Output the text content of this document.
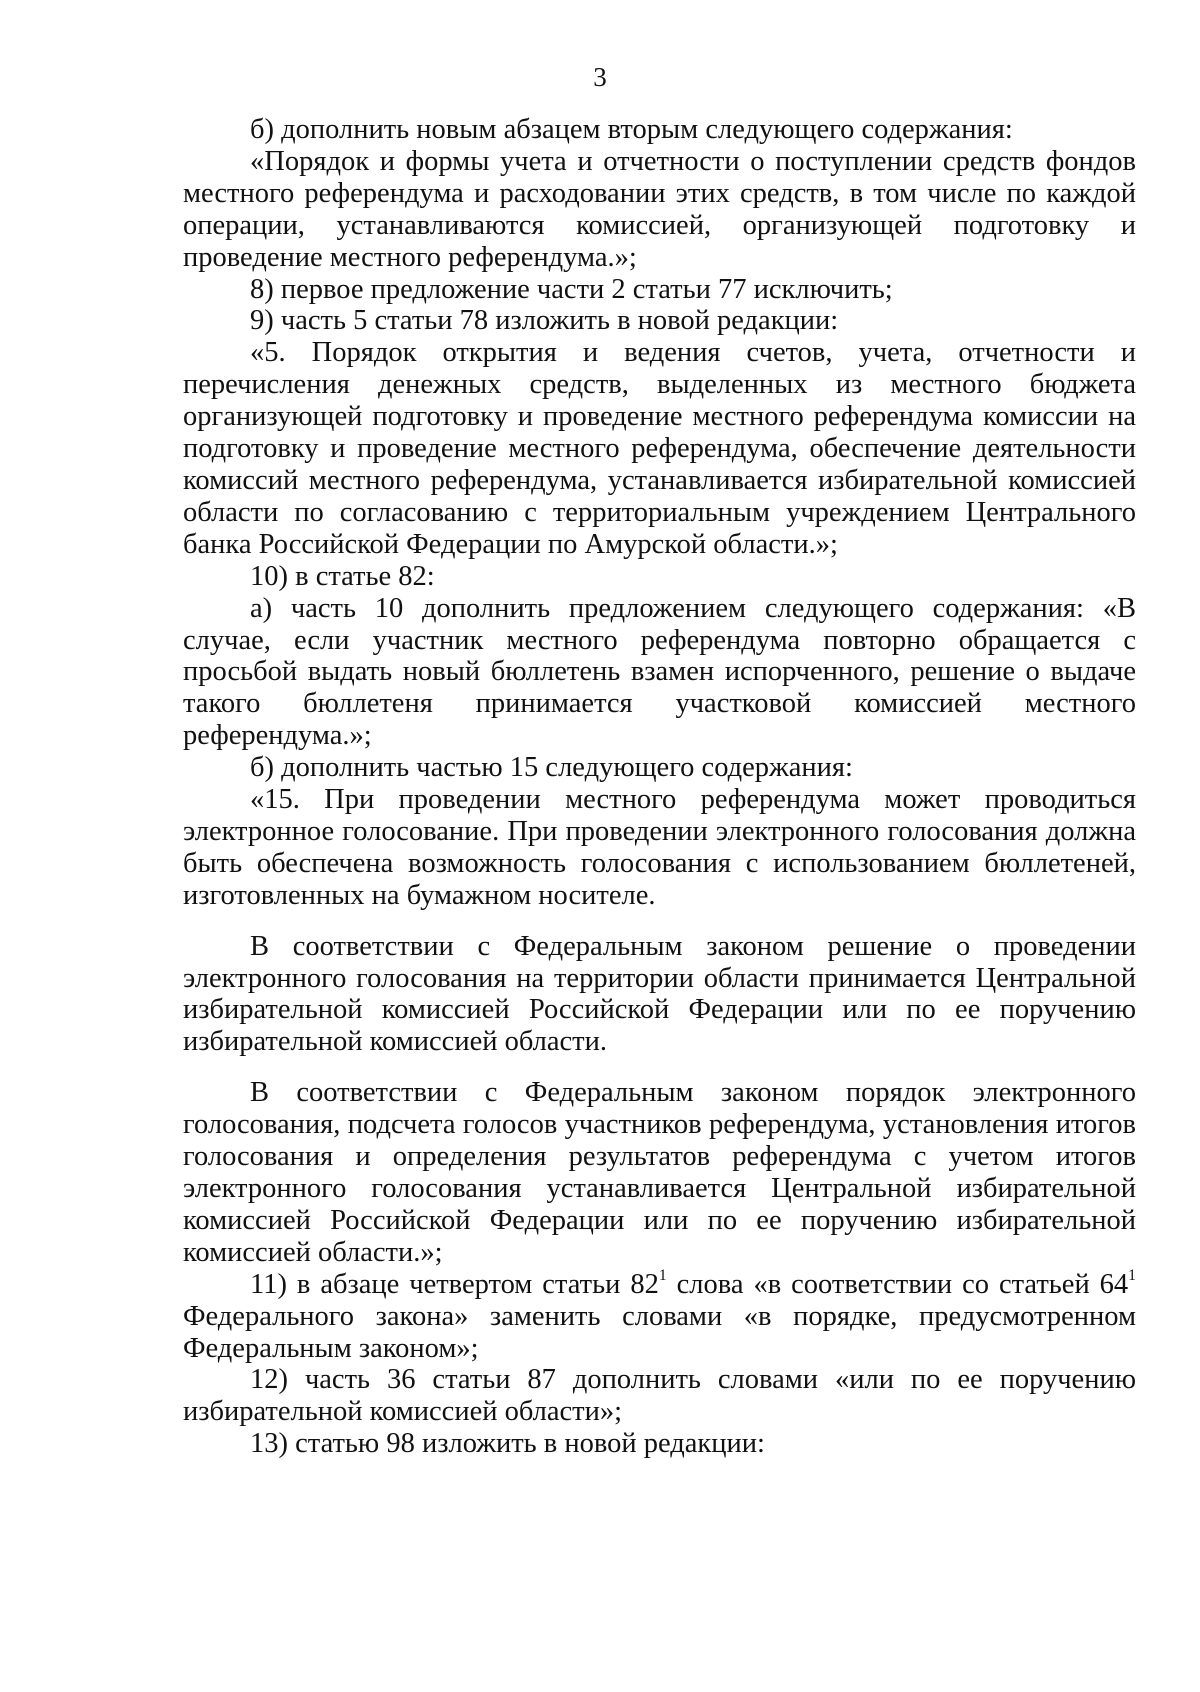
3

б) дополнить новым абзацем вторым следующего содержания:

«Порядок и формы учета и отчетности о поступлении средств фондов местного референдума и расходовании этих средств, в том числе по каждой операции, устанавливаются комиссией, организующей подготовку и проведение местного референдума.»;

8) первое предложение части 2 статьи 77 исключить;

9) часть 5 статьи 78 изложить в новой редакции:

«5. Порядок открытия и ведения счетов, учета, отчетности и перечисления денежных средств, выделенных из местного бюджета организующей подготовку и проведение местного референдума комиссии на подготовку и проведение местного референдума, обеспечение деятельности комиссий местного референдума, устанавливается избирательной комиссией области по согласованию с территориальным учреждением Центрального банка Российской Федерации по Амурской области.»;

10) в статье 82:

а) часть 10 дополнить предложением следующего содержания: «В случае, если участник местного референдума повторно обращается с просьбой выдать новый бюллетень взамен испорченного, решение о выдаче такого бюллетеня принимается участковой комиссией местного референдума.»;

б) дополнить частью 15 следующего содержания:

«15. При проведении местного референдума может проводиться электронное голосование. При проведении электронного голосования должна быть обеспечена возможность голосования с использованием бюллетеней, изготовленных на бумажном носителе.

В соответствии с Федеральным законом решение о проведении электронного голосования на территории области принимается Центральной избирательной комиссией Российской Федерации или по ее поручению избирательной комиссией области.

В соответствии с Федеральным законом порядок электронного голосования, подсчета голосов участников референдума, установления итогов голосования и определения результатов референдума с учетом итогов электронного голосования устанавливается Центральной избирательной комиссией Российской Федерации или по ее поручению избирательной комиссией области.»;

11) в абзаце четвертом статьи $82^1$ слова «в соответствии со статьей $64^1$ Федерального закона» заменить словами «в порядке, предусмотренном Федеральным законом»;

12) часть 36 статьи 87 дополнить словами «или по ее поручению избирательной комиссией области»;

13) статью 98 изложить в новой редакции:
